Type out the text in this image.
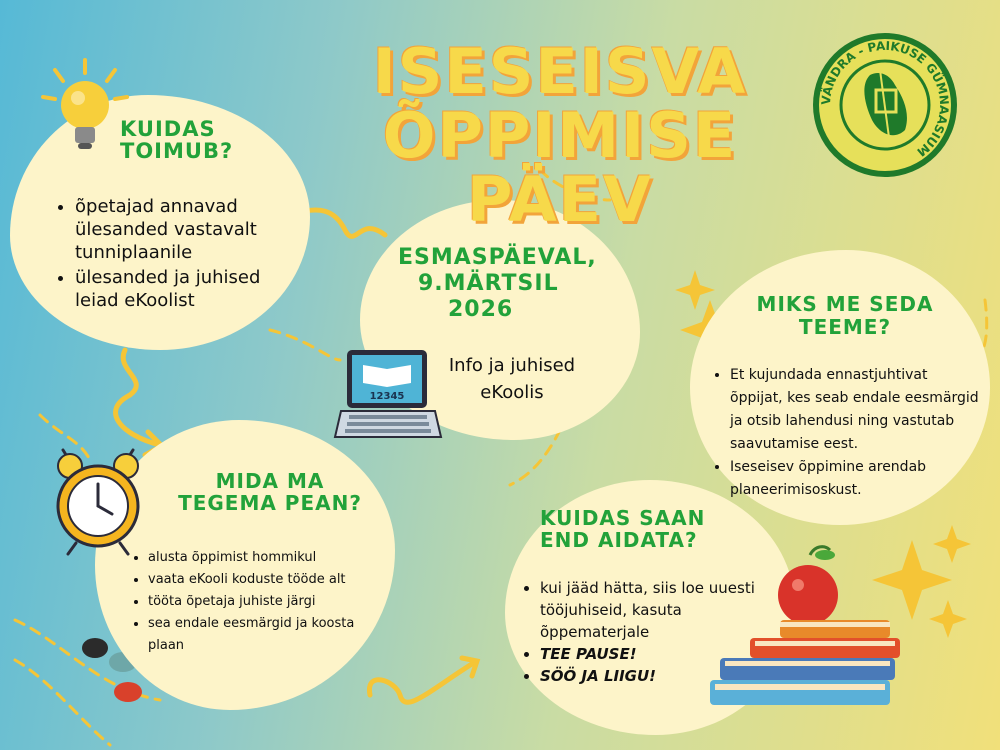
ISESEISVA
ÕPPIMISE PÄEV
VÄNDRA - PAIKUSE GÜMNAASIUM
KUIDAS
TOIMUB?
• õpetajad annavad ülesanded vastavalt tunniplaanile
• ülesanded ja juhised leiad eKoolist
ESMASPÄEVAL,
9.MÄRTSIL
2026
Info ja juhised
eKoolis
12345
MIKS ME SEDA
TEEME?
• Et kujundada ennastjuhtivat õppijat, kes seab endale eesmärgid ja otsib lahendusi ning vastutab saavutamise eest.
• Iseseisev õppimine arendab planeerimisoskust.
MIDA MA
TEGEMA PEAN?
• alusta õppimist hommikul
• vaata eKooli koduste tööde alt
• tööta õpetaja juhiste järgi
• sea endale eesmärgid ja koosta plaan
KUIDAS SAAN
END AIDATA?
• kui jääd hätta, siis loe uuesti tööjuhiseid, kasuta õppematerjale
• TEE PAUSE!
• SÖÖ JA LIIGU!
